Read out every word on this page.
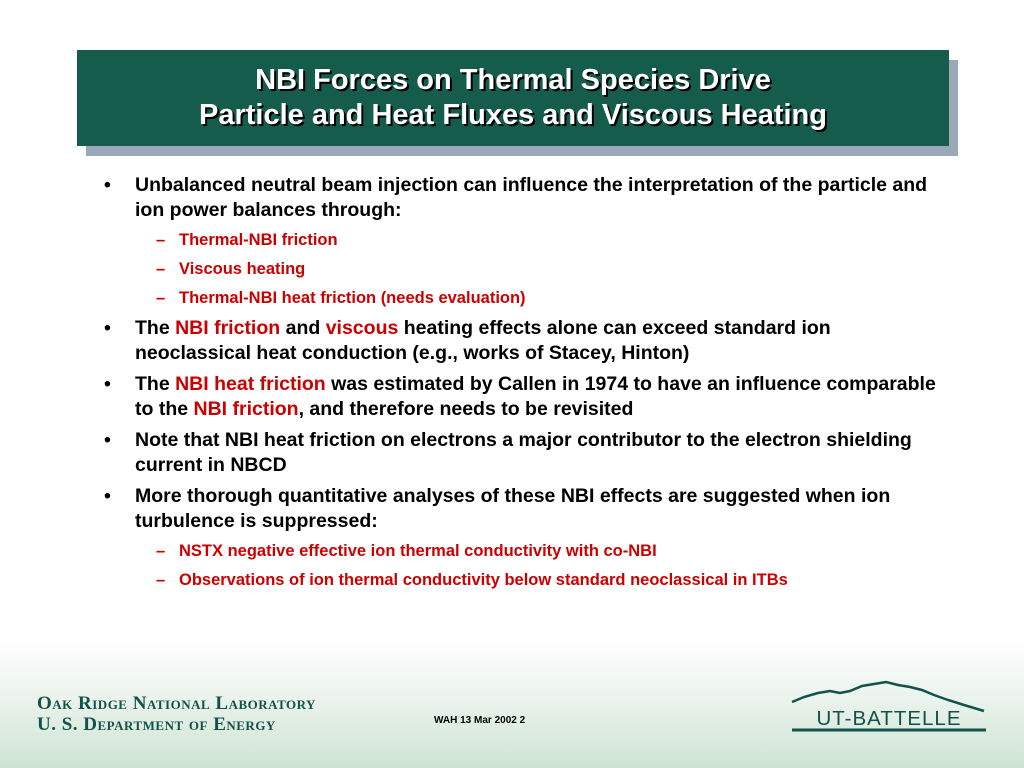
NBI Forces on Thermal Species Drive
Particle and Heat Fluxes and Viscous Heating
•	Unbalanced neutral beam injection can influence the interpretation of the particle and ion power balances through:
– Thermal-NBI friction
– Viscous heating
– Thermal-NBI heat friction (needs evaluation)
•	The NBI friction and viscous heating effects alone can exceed standard ion neoclassical heat conduction (e.g., works of Stacey, Hinton)
•	The NBI heat friction was estimated by Callen in 1974 to have an influence comparable to the NBI friction, and therefore needs to be revisited
•	Note that NBI heat friction on electrons a major contributor to the electron shielding current in NBCD
•	More thorough quantitative analyses of these NBI effects are suggested when ion turbulence is suppressed:
– NSTX negative effective ion thermal conductivity with co-NBI
– Observations of ion thermal conductivity below standard neoclassical in ITBs
Oak Ridge National Laboratory
U. S. Department of Energy	WAH 13 Mar 2002 2	UT-BATTELLE
